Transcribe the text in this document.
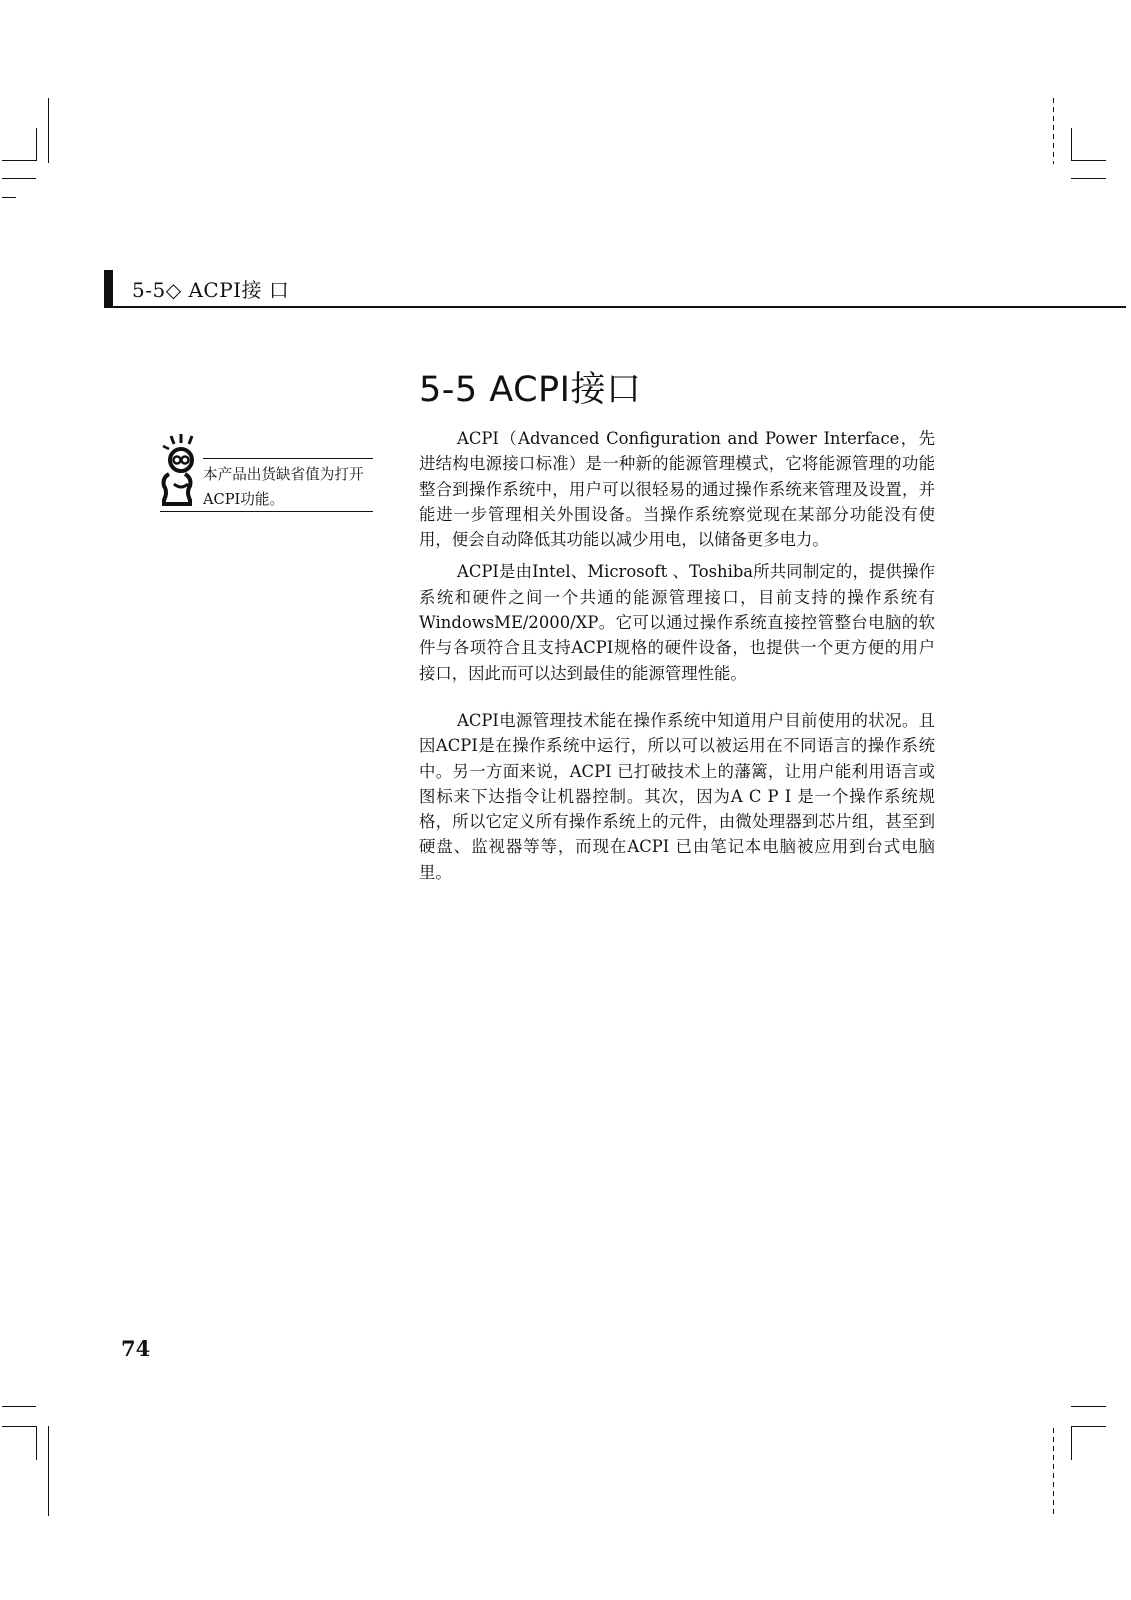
5-5◇ ACPI接 口
5-5 ACPI接口
本产品出货缺省值为打开ACPI功能。

ACPI（Advanced Configuration and Power Interface，先进结构电源接口标准）是一种新的能源管理模式，它将能源管理的功能整合到操作系统中，用户可以很轻易的通过操作系统来管理及设置，并能进一步管理相关外围设备。当操作系统察觉现在某部分功能没有使用，便会自动降低其功能以减少用电，以储备更多电力。

ACPI是由Intel、Microsoft 、Toshiba所共同制定的，提供操作系统和硬件之间一个共通的能源管理接口，目前支持的操作系统有WindowsME/2000/XP。它可以通过操作系统直接控管整台电脑的软件与各项符合且支持ACPI规格的硬件设备，也提供一个更方便的用户接口，因此而可以达到最佳的能源管理性能。

ACPI电源管理技术能在操作系统中知道用户目前使用的状况。且因ACPI是在操作系统中运行，所以可以被运用在不同语言的操作系统中。另一方面来说，ACPI 已打破技术上的藩篱，让用户能利用语言或图标来下达指令让机器控制。其次，因为A C P I 是一个操作系统规格，所以它定义所有操作系统上的元件，由微处理器到芯片组，甚至到硬盘、监视器等等，而现在ACPI 已由笔记本电脑被应用到台式电脑里。

74
